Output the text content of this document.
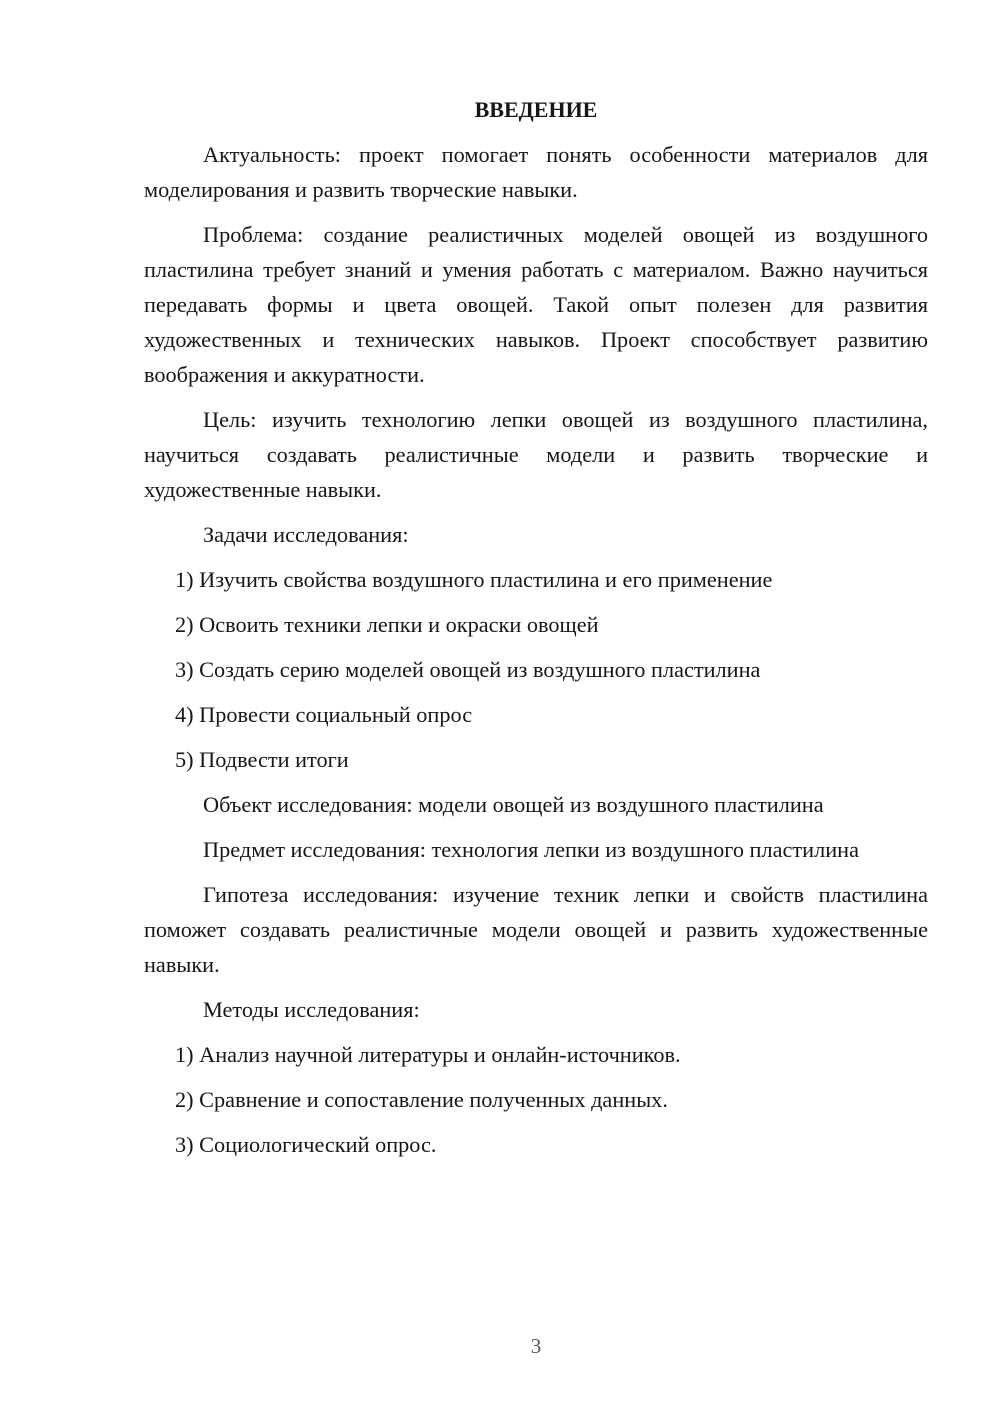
ВВЕДЕНИЕ

Актуальность: проект помогает понять особенности материалов для моделирования и развить творческие навыки.

Проблема: создание реалистичных моделей овощей из воздушного пластилина требует знаний и умения работать с материалом. Важно научиться передавать формы и цвета овощей. Такой опыт полезен для развития художественных и технических навыков. Проект способствует развитию воображения и аккуратности.

Цель: изучить технологию лепки овощей из воздушного пластилина, научиться создавать реалистичные модели и развить творческие и художественные навыки.

Задачи исследования:

1) Изучить свойства воздушного пластилина и его применение
2) Освоить техники лепки и окраски овощей
3) Создать серию моделей овощей из воздушного пластилина
4) Провести социальный опрос
5) Подвести итоги

Объект исследования: модели овощей из воздушного пластилина

Предмет исследования: технология лепки из воздушного пластилина

Гипотеза исследования: изучение техник лепки и свойств пластилина поможет создавать реалистичные модели овощей и развить художественные навыки.

Методы исследования:

1) Анализ научной литературы и онлайн-источников.
2) Сравнение и сопоставление полученных данных.
3) Социологический опрос.
3
